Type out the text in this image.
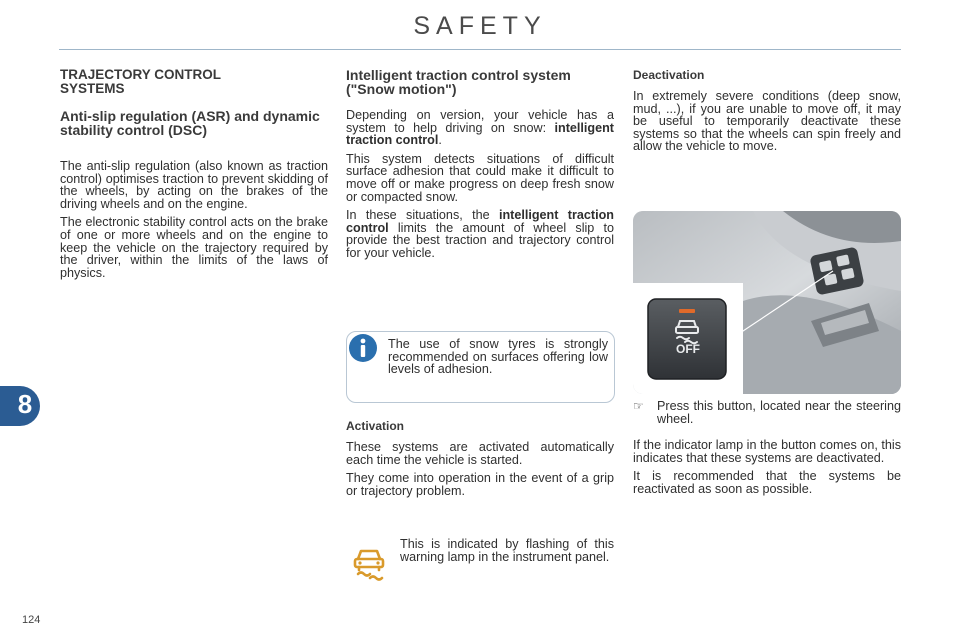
SAFETY
TRAJECTORY CONTROL SYSTEMS
Anti-slip regulation (ASR) and dynamic stability control (DSC)
The anti-slip regulation (also known as traction control) optimises traction to prevent skidding of the wheels, by acting on the brakes of the driving wheels and on the engine.
The electronic stability control acts on the brake of one or more wheels and on the engine to keep the vehicle on the trajectory required by the driver, within the limits of the laws of physics.
Intelligent traction control system ("Snow motion")
Depending on version, your vehicle has a system to help driving on snow: intelligent traction control.
This system detects situations of difficult surface adhesion that could make it difficult to move off or make progress on deep fresh snow or compacted snow.
In these situations, the intelligent traction control limits the amount of wheel slip to provide the best traction and trajectory control for your vehicle.
The use of snow tyres is strongly recommended on surfaces offering low levels of adhesion.
Activation
These systems are activated automatically each time the vehicle is started.
They come into operation in the event of a grip or trajectory problem.
This is indicated by flashing of this warning lamp in the instrument panel.
Deactivation
In extremely severe conditions (deep snow, mud, ...), if you are unable to move off, it may be useful to temporarily deactivate these systems so that the wheels can spin freely and allow the vehicle to move.
OFF
☞	Press this button, located near the steering wheel.
If the indicator lamp in the button comes on, this indicates that these systems are deactivated.
It is recommended that the systems be reactivated as soon as possible.
8
124
